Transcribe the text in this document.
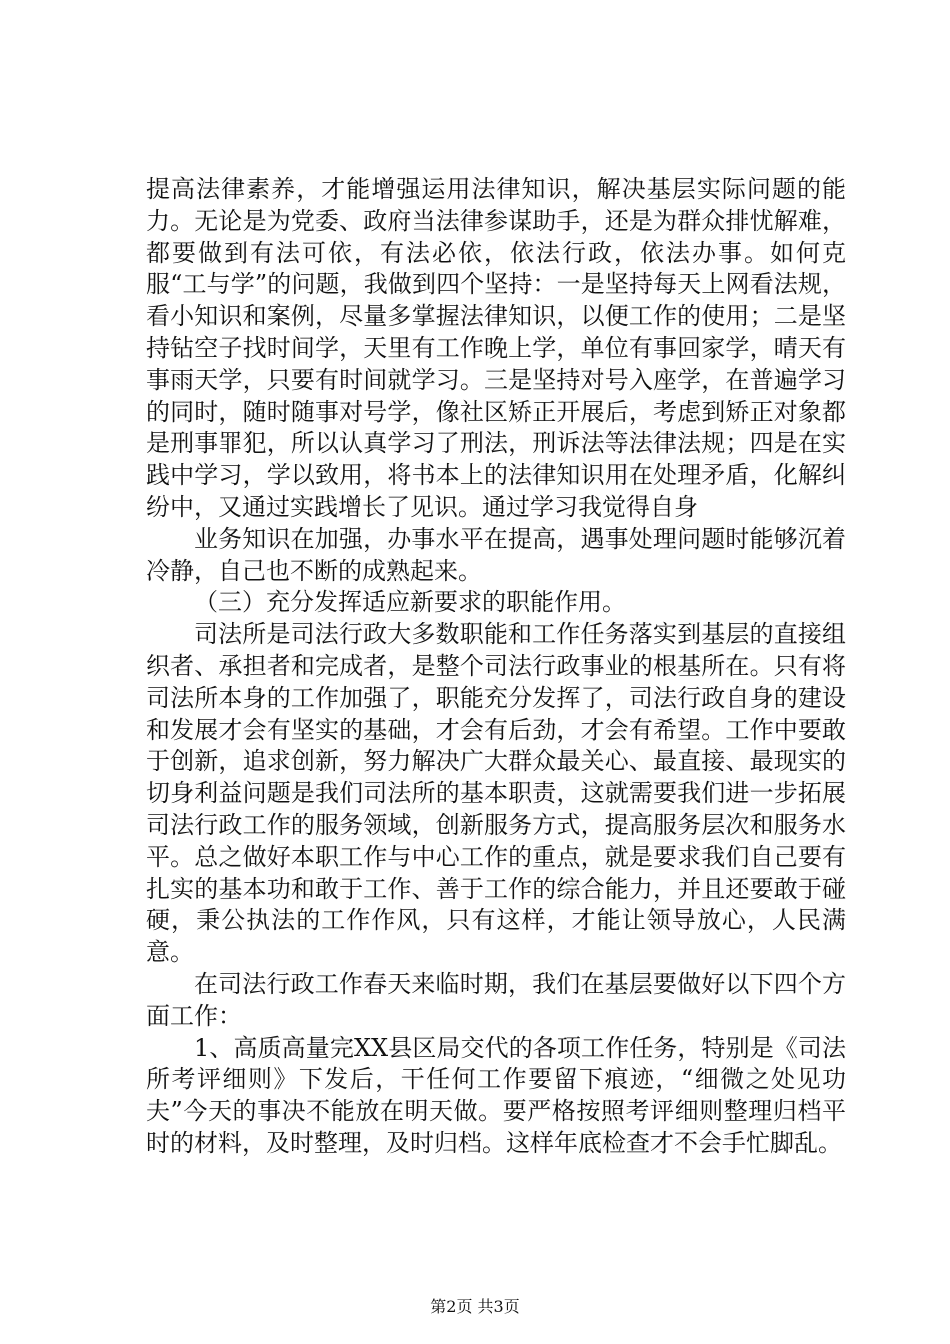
提高法律素养，才能增强运用法律知识，解决基层实际问题的能力。无论是为党委、政府当法律参谋助手，还是为群众排忧解难，都要做到有法可依，有法必依，依法行政，依法办事。如何克服“工与学”的问题，我做到四个坚持：一是坚持每天上网看法规，看小知识和案例，尽量多掌握法律知识，以便工作的使用；二是坚持钻空子找时间学，天里有工作晚上学，单位有事回家学，晴天有事雨天学，只要有时间就学习。三是坚持对号入座学，在普遍学习的同时，随时随事对号学，像社区矫正开展后，考虑到矫正对象都是刑事罪犯，所以认真学习了刑法，刑诉法等法律法规；四是在实践中学习，学以致用，将书本上的法律知识用在处理矛盾，化解纠纷中，又通过实践增长了见识。通过学习我觉得自身

业务知识在加强，办事水平在提高，遇事处理问题时能够沉着冷静，自己也不断的成熟起来。

（三）充分发挥适应新要求的职能作用。

司法所是司法行政大多数职能和工作任务落实到基层的直接组织者、承担者和完成者，是整个司法行政事业的根基所在。只有将司法所本身的工作加强了，职能充分发挥了，司法行政自身的建设和发展才会有坚实的基础，才会有后劲，才会有希望。工作中要敢于创新，追求创新，努力解决广大群众最关心、最直接、最现实的切身利益问题是我们司法所的基本职责，这就需要我们进一步拓展司法行政工作的服务领域，创新服务方式，提高服务层次和服务水平。总之做好本职工作与中心工作的重点，就是要求我们自己要有扎实的基本功和敢于工作、善于工作的综合能力，并且还要敢于碰硬，秉公执法的工作作风，只有这样，才能让领导放心，人民满意。

在司法行政工作春天来临时期，我们在基层要做好以下四个方面工作：

1、高质高量完XX县区局交代的各项工作任务，特别是《司法所考评细则》下发后，干任何工作要留下痕迹，“细微之处见功夫”今天的事决不能放在明天做。要严格按照考评细则整理归档平时的材料，及时整理，及时归档。这样年底检查才不会手忙脚乱。

第2页 共3页
